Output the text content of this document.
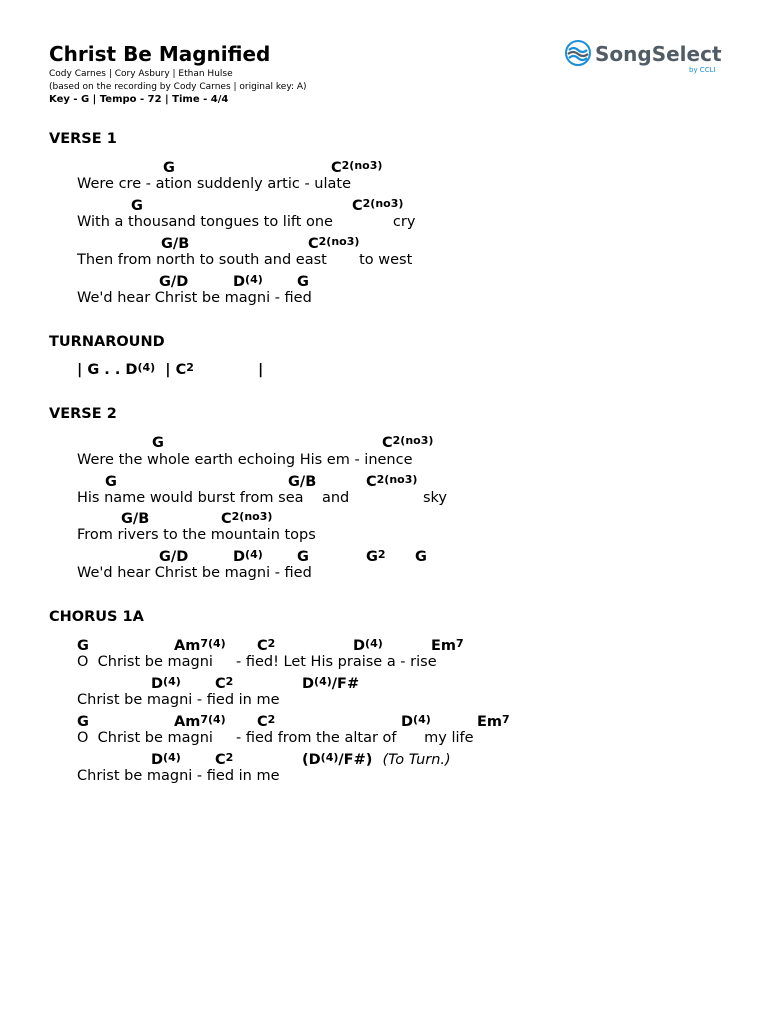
Christ Be Magnified
Cody Carnes | Cory Asbury | Ethan Hulse
(based on the recording by Cody Carnes | original key: A)
Key - G | Tempo - 72 | Time - 4/4
SongSelect
by CCLI
VERSE 1
G	$C^{2(no3)}$
Were cre - ation suddenly artic - ulate
G	$C^{2(no3)}$
With a thousand tongues to lift one             cry
G/B	$C^{2(no3)}$
Then from north to south and east       to west
G/D	$D^{(4)}$ G
We'd hear Christ be magni - fied
TURNAROUND
| G . . $D^{(4)}$ | $C^2$	|
VERSE 2
G	$C^{2(no3)}$
Were the whole earth echoing His em - inence
G	G/B	$C^{2(no3)}$
His name would burst from sea    and                sky
G/B	$C^{2(no3)}$
From rivers to the mountain tops
G/D	$D^{(4)}$ G	$G^2$ G
We'd hear Christ be magni - fied
CHORUS 1A
G	$Am^{7(4)}$ $C^2$	$D^{(4)}$	Em$^7$
O  Christ be magni     - fied! Let His praise a - rise
$D^{(4)}$ $C^2$	$D^{(4)}/F\#$
Christ be magni - fied in me
G	$Am^{7(4)}$ $C^2$	$D^{(4)}$	Em$^7$
O  Christ be magni     - fied from the altar of      my life
$D^{(4)}$ $C^2$	$(D^{(4)}/F\#)$ (To Turn.)
Christ be magni - fied in me
